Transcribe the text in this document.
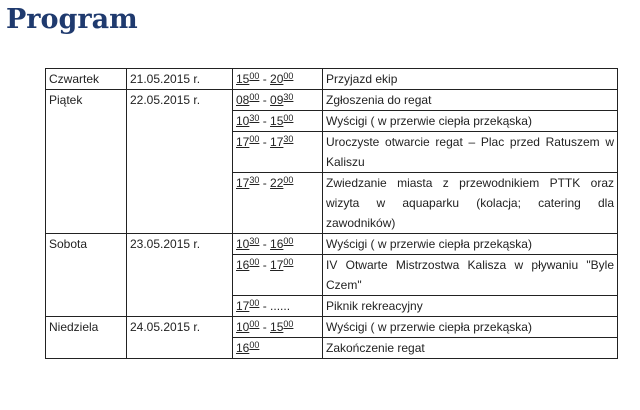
Program
Czwartek	21.05.2015 r.	$15^{00} - 20^{00}$	Przyjazd ekip
Piątek	22.05.2015 r.	$08^{00} - 09^{30}$	Zgłoszenia do regat
		$10^{30} - 15^{00}$	Wyścigi ( w przerwie ciepła przekąska)
		$17^{00} - 17^{30}$	Uroczyste otwarcie regat – Plac przed Ratuszem w Kaliszu
		$17^{30} - 22^{00}$	Zwiedzanie miasta z przewodnikiem PTTK oraz wizyta w aquaparku (kolacja; catering dla zawodników)
Sobota	23.05.2015 r.	$10^{30} - 16^{00}$	Wyścigi ( w przerwie ciepła przekąska)
		$16^{00} - 17^{00}$	IV Otwarte Mistrzostwa Kalisza w pływaniu "Byle Czem"
		$17^{00}$ - ......	Piknik rekreacyjny
Niedziela	24.05.2015 r.	$10^{00} - 15^{00}$	Wyścigi ( w przerwie ciepła przekąska)
		$16^{00}$	Zakończenie regat
